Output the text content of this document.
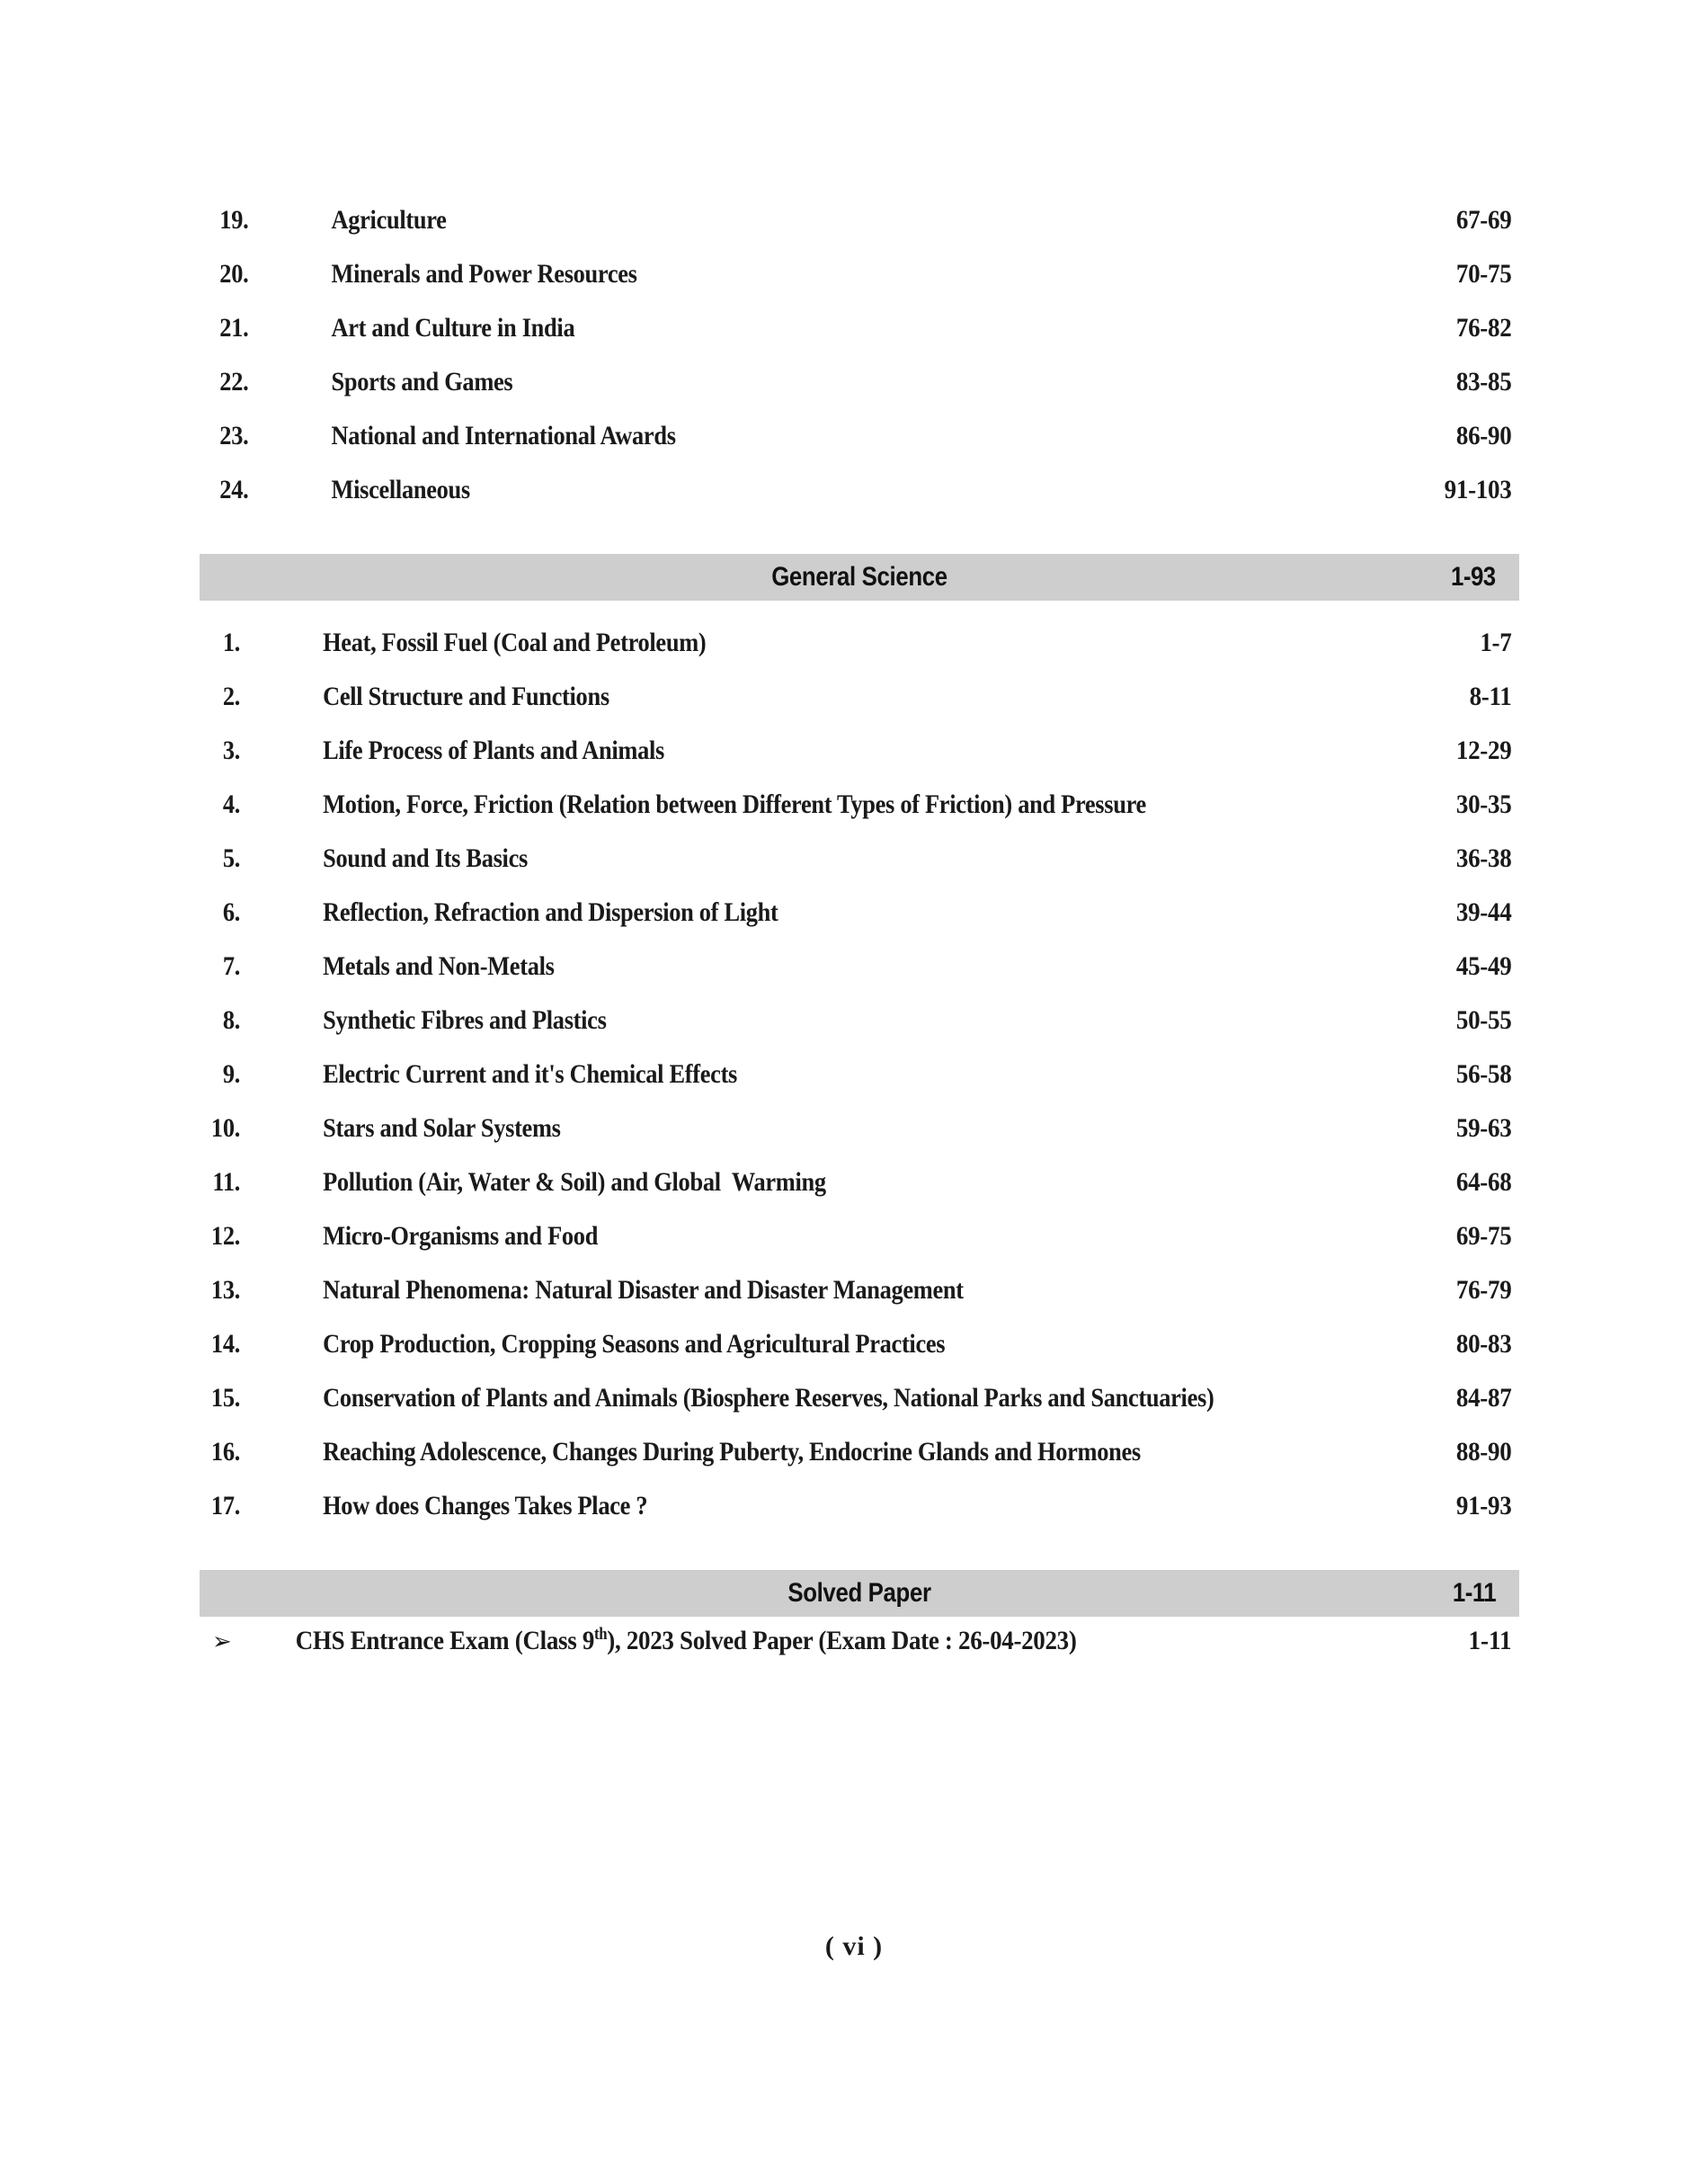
19.	Agriculture	67-69
20.	Minerals and Power Resources	70-75
21.	Art and Culture in India	76-82
22.	Sports and Games	83-85
23.	National and International Awards	86-90
24.	Miscellaneous	91-103
General Science	1-93
1.	Heat, Fossil Fuel (Coal and Petroleum)	1-7
2.	Cell Structure and Functions	8-11
3.	Life Process of Plants and Animals	12-29
4.	Motion, Force, Friction (Relation between Different Types of Friction) and Pressure	30-35
5.	Sound and Its Basics	36-38
6.	Reflection, Refraction and Dispersion of Light	39-44
7.	Metals and Non-Metals	45-49
8.	Synthetic Fibres and Plastics	50-55
9.	Electric Current and it's Chemical Effects	56-58
10.	Stars and Solar Systems	59-63
11.	Pollution (Air, Water & Soil) and Global  Warming	64-68
12.	Micro-Organisms and Food	69-75
13.	Natural Phenomena: Natural Disaster and Disaster Management	76-79
14.	Crop Production, Cropping Seasons and Agricultural Practices	80-83
15.	Conservation of Plants and Animals (Biosphere Reserves, National Parks and Sanctuaries)	84-87
16.	Reaching Adolescence, Changes During Puberty, Endocrine Glands and Hormones	88-90
17.	How does Changes Takes Place ?	91-93
Solved Paper	1-11
➢ CHS Entrance Exam (Class 9th), 2023 Solved Paper (Exam Date : 26-04-2023)	1-11
( vi )
